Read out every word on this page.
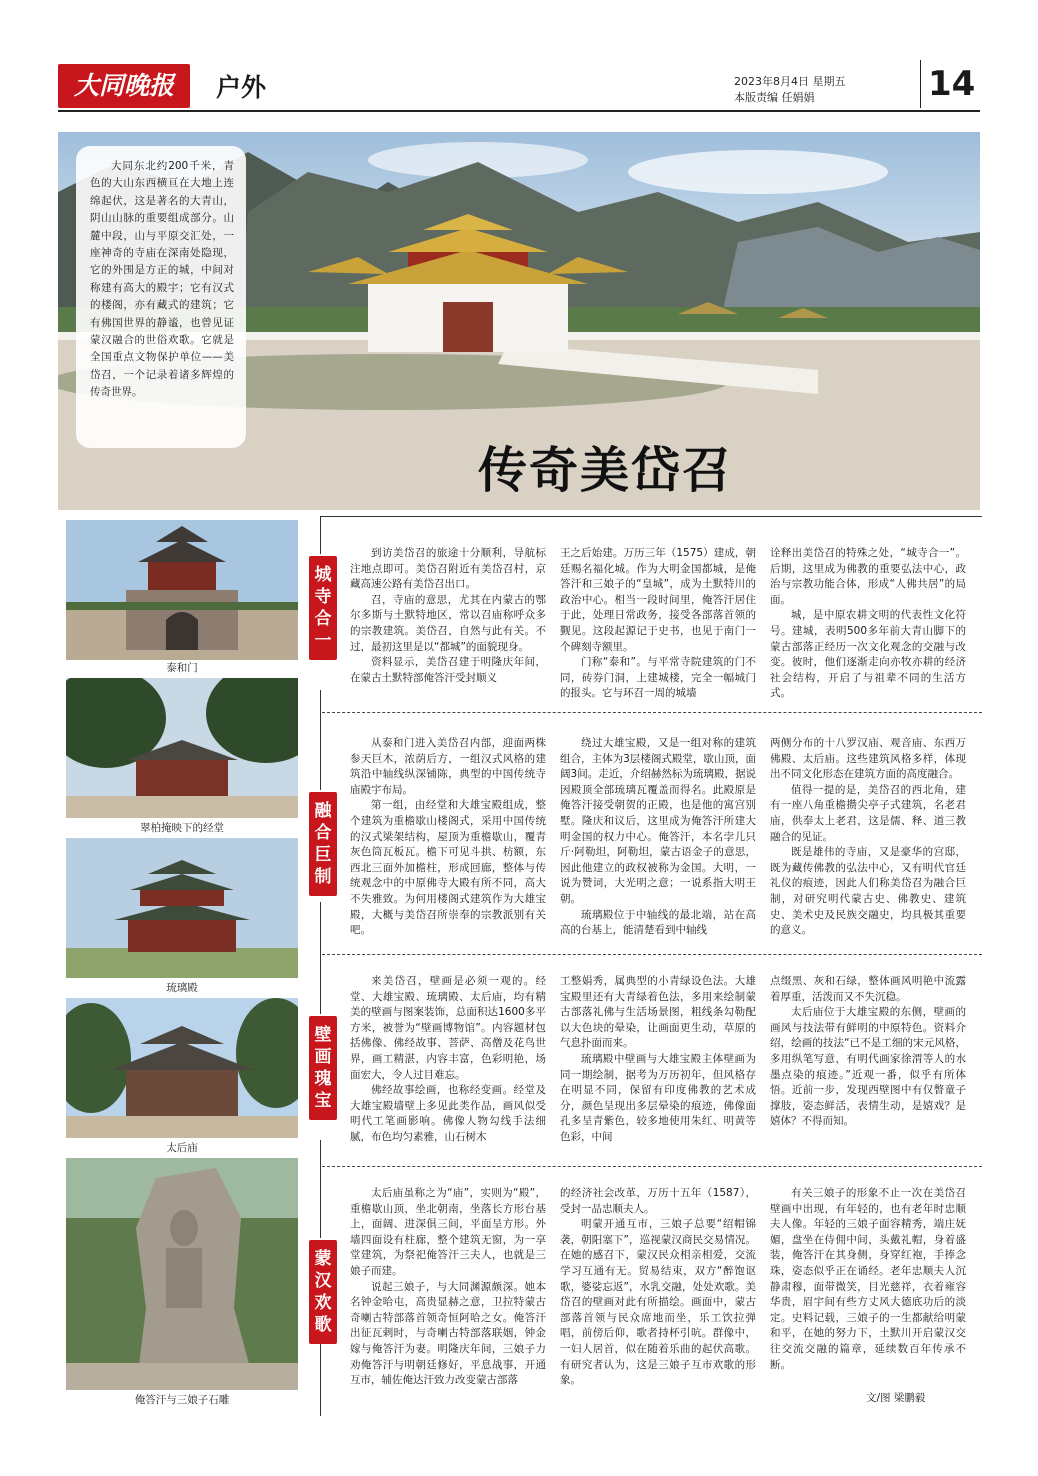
大同晚报	户外	2023年8月4日 星期五
本版责编 任娟娟	14
大同东北约200千米，青色的大山东西横亘在大地上连绵起伏，这是著名的大青山，阴山山脉的重要组成部分。山麓中段，山与平原交汇处，一座神奇的寺庙在深南处隐现，它的外围是方正的城，中间对称建有高大的殿宇；它有汉式的楼阁，亦有藏式的建筑；它有佛国世界的静谧，也曾见证蒙汉融合的世俗欢歌。它就是全国重点文物保护单位——美岱召，一个记录着诸多辉煌的传奇世界。
传奇美岱召
泰和门
翠柏掩映下的经堂
琉璃殿
太后庙
俺答汗与三娘子石雕
城寺合一
融合巨制
壁画瑰宝
蒙汉欢歌

到访美岱召的旅途十分顺利，导航标注地点即可。美岱召附近有美岱召村，京藏高速公路有美岱召出口。

召，寺庙的意思，尤其在内蒙古的鄂尔多斯与土默特地区，常以召庙称呼众多的宗教建筑。美岱召，自然与此有关。不过，最初这里是以“都城”的面貌现身。

资料显示，美岱召建于明隆庆年间，在蒙古土默特部俺答汗受封顺义

王之后始建。万历三年（1575）建成，朝廷赐名福化城。作为大明金国都城，是俺答汗和三娘子的“皇城”，成为土默特川的政治中心。相当一段时间里，俺答汗居住于此，处理日常政务，接受各部落首领的觐见。这段起源记于史书，也见于南门一个碑刻寺额里。

门称“泰和”。与平常寺院建筑的门不同，砖券门洞，上建城楼，完全一幅城门的报头。它与环召一周的城墙

诠释出美岱召的特殊之处，“城寺合一”。后期，这里成为佛教的重要弘法中心，政治与宗教功能合体，形成“人佛共居”的局面。

城，是中原农耕文明的代表性文化符号。建城，表明500多年前大青山脚下的蒙古部落正经历一次文化观念的交融与改变。彼时，他们逐渐走向亦牧亦耕的经济社会结构，开启了与祖辈不同的生活方式。

从泰和门进入美岱召内部，迎面两株参天巨木，浓荫后方，一组汉式风格的建筑沿中轴线纵深铺陈，典型的中国传统寺庙殿宇布局。

第一组，由经堂和大雄宝殿组成，整个建筑为重檐歇山楼阁式，采用中国传统的汉式梁架结构，屋顶为重檐歇山，覆青灰色筒瓦板瓦。檐下可见斗拱、枋额，东西北三面外加檐柱，形成回廊，整体与传统观念中的中原佛寺大殿有所不同，高大不失雅致。为何用楼阁式建筑作为大雄宝殿，大概与美岱召所崇奉的宗教派别有关吧。

绕过大雄宝殿，又是一组对称的建筑组合，主体为3层楼阁式殿堂，歇山顶，面阔3间。走近，介绍赫然标为琉璃殿，据说因殿顶全部琉璃瓦覆盖而得名。此殿原是俺答汗接受朝贺的正殿，也是他的寓宫别墅。隆庆和议后，这里成为俺答汗所建大明金国的权力中心。俺答汗，本名孛儿只斤·阿勒坦，阿勒坦，蒙古语金子的意思，因此他建立的政权被称为金国。大明，一说为赞词，大光明之意；一说系指大明王朝。

琉璃殿位于中轴线的最北端，站在高高的台基上，能清楚看到中轴线

两侧分布的十八罗汉庙、观音庙、东西万佛殿、太后庙。这些建筑风格多样，体现出不同文化形态在建筑方面的高度融合。

值得一提的是，美岱召的西北角，建有一座八角重檐攒尖亭子式建筑，名老君庙，供奉太上老君，这是儒、释、道三教融合的见证。

既是雄伟的寺庙，又是豪华的宫邸，既为藏传佛教的弘法中心，又有明代官廷礼仪的痕迹，因此人们称美岱召为融合巨制，对研究明代蒙古史、佛教史、建筑史、美术史及民族交融史，均具极其重要的意义。

来美岱召，壁画是必须一观的。经堂、大雄宝殿、琉璃殿、太后庙，均有精美的壁画与图案装饰，总面积达1600多平方米，被誉为“壁画博物馆”。内容题材包括佛像、佛经故事、菩萨、高僧及花鸟世界，画工精湛，内容丰富，色彩明艳，场面宏大，令人过目难忘。

佛经故事绘画，也称经变画。经堂及大雄宝殿墙壁上多见此类作品，画风似受明代工笔画影响。佛像人物勾线手法细腻，布色均匀素雅，山石树木

工整娟秀，属典型的小青绿设色法。大雄宝殿里还有大青绿着色法，多用来绘制蒙古部落礼佛与生活场景图，粗线条勾勒配以大色块的晕染，让画面更生动，草原的气息扑面而来。

琉璃殿中壁画与大雄宝殿主体壁画为同一期绘制，据考为万历初年，但风格存在明显不同，保留有印度佛教的艺术成分，颜色呈现出多层晕染的痕迹，佛像面孔多呈青紫色，较多地使用朱红、明黄等色彩，中间

点缀黑、灰和石绿，整体画风明艳中流露着厚重，活泼而又不失沉稳。

太后庙位于大雄宝殿的东侧，壁画的画风与技法带有鲜明的中原特色。资料介绍，绘画的技法“已不是工细的宋元风格，多用纵笔写意，有明代画家徐渭等人的水墨点染的痕迹。”近观一番，似乎有所体悟。近前一步，发现西壁图中有仅瞥童子撑肢，姿态鲜活，表情生动，是嬉戏？是嬉体？不得而知。

太后庙虽称之为“庙”，实则为“殿”，重檐歇山顶，坐北朝南，坐落长方形台基上，面阔、进深俱三间，平面呈方形。外墙四面设有柱廊，整个建筑无窗，为一享堂建筑，为祭祀俺答汗三夫人，也就是三娘子而建。

说起三娘子，与大同渊源颇深。她本名钟金哈屯，高贵显赫之意，卫拉特蒙古奇喇古特部落首领奇恒阿哈之女。俺答汗出征瓦剌时，与奇喇古特部落联姻，钟金嫁与俺答汗为妻。明隆庆年间，三娘子力劝俺答汗与明朝廷修好，平息战事，开通互市，辅佐俺达汗致力改变蒙古部落

的经济社会改革，万历十五年（1587），受封一品忠顺夫人。

明蒙开通互市，三娘子总要“绍帽锦袭，朝阳塞下”，巡视蒙汉商民交易情况。在她的感召下，蒙汉民众相亲相爱，交流学习互通有无。贸易结束，双方“醉饱讴歌，婆娑忘返”，水乳交融，处处欢歌。美岱召的壁画对此有所描绘。画面中，蒙古部落首领与民众席地而坐，乐工饮拉弹唱，前傍后仰，歌者持杯引吭。群像中，一妇人居首，似在随着乐曲的起伏高歌。有研究者认为，这是三娘子互市欢歌的形象。

有关三娘子的形象不止一次在美岱召壁画中出现，有年轻的，也有老年时忠顺夫人像。年轻的三娘子面容精秀，端庄妩媚，盘坐在侍佣中间，头戴礼帽，身着盛装，俺答汗在其身侧，身穿红袍，手捧念珠，姿态似乎正在诵经。老年忠顺夫人沉静肃穆，面带微笑，目光慈祥，衣着雍容华贵，眉宇间有些方丈风大德底功后的淡定。史料记载，三娘子的一生都献给明蒙和平，在她的努力下，土默川开启蒙汉交往交流交融的篇章，延续数百年传承不断。

文/图 梁鹏毅
